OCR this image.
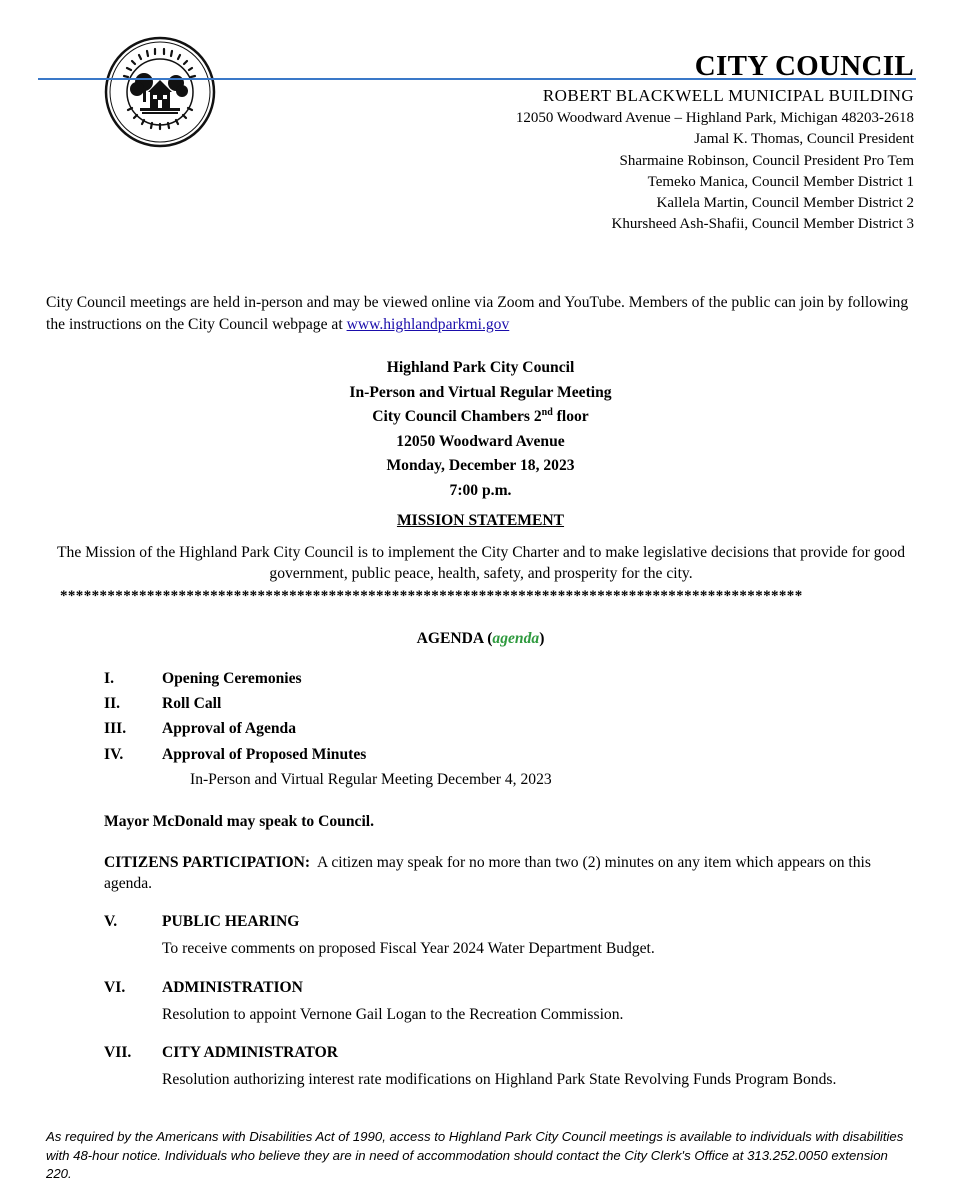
CITY COUNCIL
ROBERT BLACKWELL MUNICIPAL BUILDING
12050 Woodward Avenue – Highland Park, Michigan 48203-2618
Jamal K. Thomas, Council President
Sharmaine Robinson, Council President Pro Tem
Temeko Manica, Council Member District 1
Kallela Martin, Council Member District 2
Khursheed Ash-Shafii, Council Member District 3
City Council meetings are held in-person and may be viewed online via Zoom and YouTube. Members of the public can join by following the instructions on the City Council webpage at www.highlandparkmi.gov
Highland Park City Council
In-Person and Virtual Regular Meeting
City Council Chambers 2nd floor
12050 Woodward Avenue
Monday, December 18, 2023
7:00 p.m.
MISSION STATEMENT
The Mission of the Highland Park City Council is to implement the City Charter and to make legislative decisions that provide for good government, public peace, health, safety, and prosperity for the city.
**********************************************************************************************
AGENDA (agenda)
I.	Opening Ceremonies
II.	Roll Call
III. Approval of Agenda
IV. Approval of Proposed Minutes
In-Person and Virtual Regular Meeting December 4, 2023
Mayor McDonald may speak to Council.
CITIZENS PARTICIPATION:  A citizen may speak for no more than two (2) minutes on any item which appears on this agenda.
V.	PUBLIC HEARING
To receive comments on proposed Fiscal Year 2024 Water Department Budget.
VI. ADMINISTRATION
Resolution to appoint Vernone Gail Logan to the Recreation Commission.
VII. CITY ADMINISTRATOR
Resolution authorizing interest rate modifications on Highland Park State Revolving Funds Program Bonds.
As required by the Americans with Disabilities Act of 1990, access to Highland Park City Council meetings is available to individuals with disabilities with 48-hour notice. Individuals who believe they are in need of accommodation should contact the City Clerk's Office at 313.252.0050 extension 220.
